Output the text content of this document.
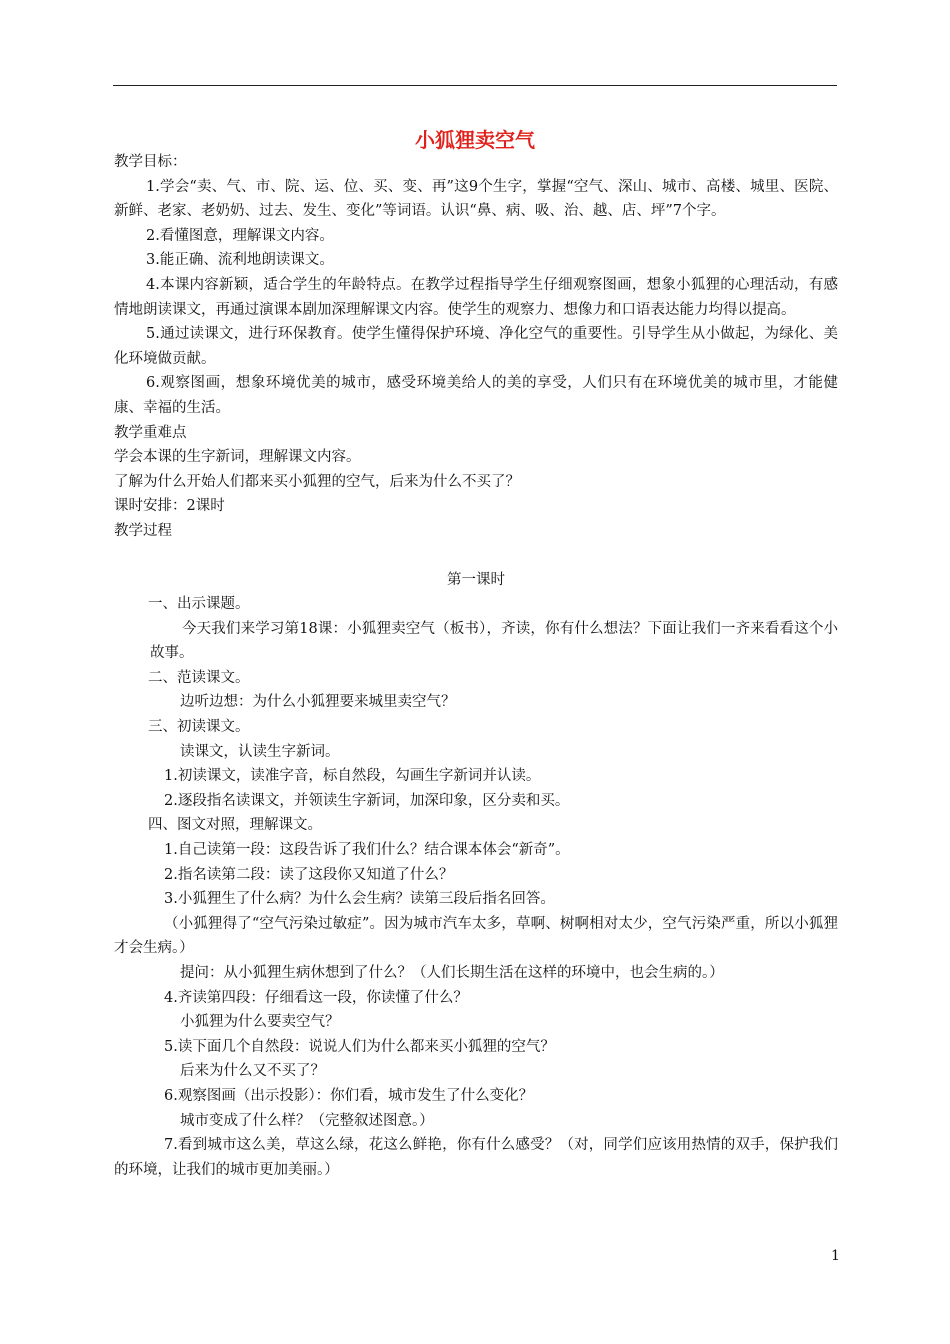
小狐狸卖空气

教学目标：

1.学会“卖、气、市、院、运、位、买、变、再”这9个生字，掌握“空气、深山、城市、高楼、城里、医院、新鲜、老家、老奶奶、过去、发生、变化”等词语。认识“鼻、病、吸、治、越、店、坪”7个字。

2.看懂图意，理解课文内容。

3.能正确、流利地朗读课文。

4.本课内容新颖，适合学生的年龄特点。在教学过程指导学生仔细观察图画，想象小狐狸的心理活动，有感情地朗读课文，再通过演课本剧加深理解课文内容。使学生的观察力、想像力和口语表达能力均得以提高。

5.通过读课文，进行环保教育。使学生懂得保护环境、净化空气的重要性。引导学生从小做起，为绿化、美化环境做贡献。

6.观察图画，想象环境优美的城市，感受环境美给人的美的享受，人们只有在环境优美的城市里，才能健康、幸福的生活。

教学重难点

学会本课的生字新词，理解课文内容。

了解为什么开始人们都来买小狐狸的空气，后来为什么不买了？

课时安排：2课时

教学过程

第一课时

一、出示课题。

今天我们来学习第18课：小狐狸卖空气（板书），齐读，你有什么想法？下面让我们一齐来看看这个小故事。

二、范读课文。

边听边想：为什么小狐狸要来城里卖空气？

三、初读课文。

读课文，认读生字新词。

1.初读课文，读准字音，标自然段，勾画生字新词并认读。

2.逐段指名读课文，并领读生字新词，加深印象，区分卖和买。

四、图文对照，理解课文。

1.自己读第一段：这段告诉了我们什么？结合课本体会“新奇”。

2.指名读第二段：读了这段你又知道了什么？

3.小狐狸生了什么病？为什么会生病？读第三段后指名回答。

（小狐狸得了“空气污染过敏症”。因为城市汽车太多，草啊、树啊相对太少，空气污染严重，所以小狐狸才会生病。）

提问：从小狐狸生病休想到了什么？（人们长期生活在这样的环境中，也会生病的。）

4.齐读第四段：仔细看这一段，你读懂了什么？

小狐狸为什么要卖空气？

5.读下面几个自然段：说说人们为什么都来买小狐狸的空气？

后来为什么又不买了？

6.观察图画（出示投影）：你们看，城市发生了什么变化？

城市变成了什么样？（完整叙述图意。）

7.看到城市这么美，草这么绿，花这么鲜艳，你有什么感受？（对，同学们应该用热情的双手，保护我们的环境，让我们的城市更加美丽。）

1
